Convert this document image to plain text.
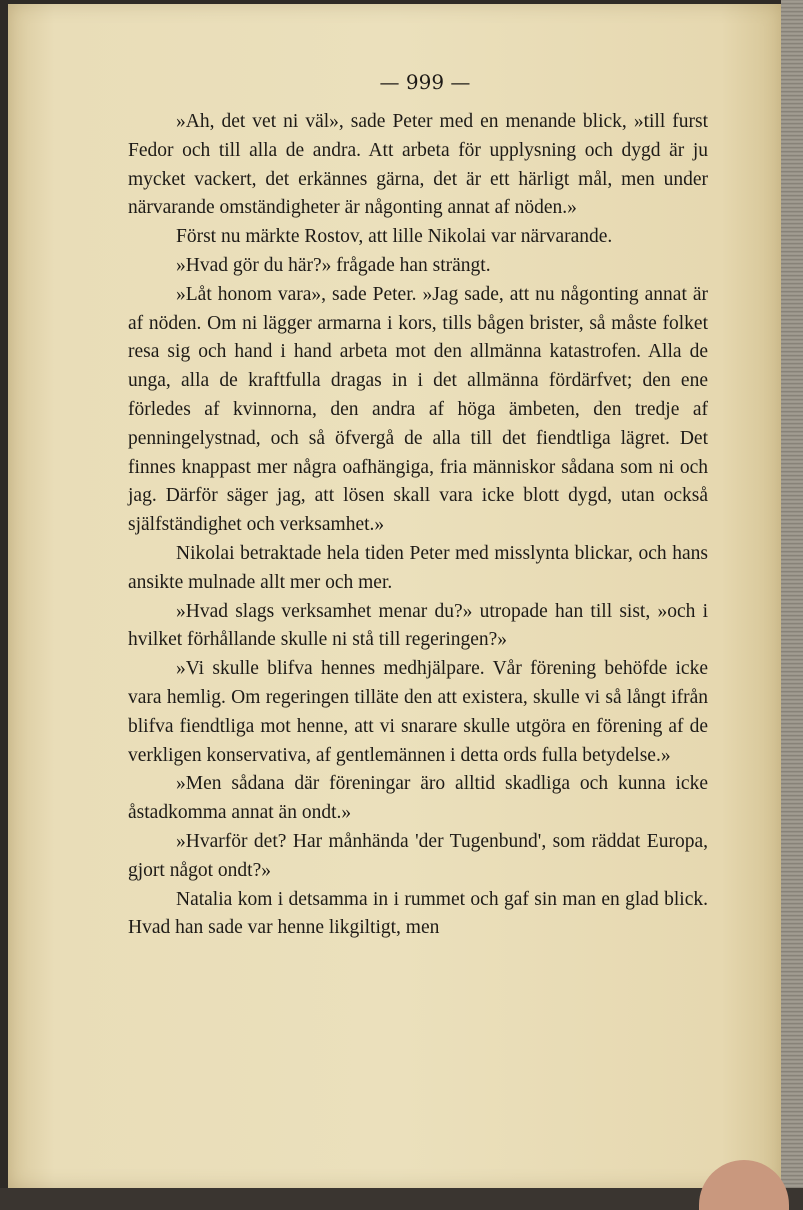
— 999 —

»Ah, det vet ni väl», sade Peter med en menande blick, »till furst Fedor och till alla de andra. Att arbeta för upplysning och dygd är ju mycket vackert, det erkännes gärna, det är ett härligt mål, men under närvarande omständigheter är någonting annat af nöden.»

Först nu märkte Rostov, att lille Nikolai var närvarande.

»Hvad gör du här?» frågade han strängt.

»Låt honom vara», sade Peter. »Jag sade, att nu någonting annat är af nöden. Om ni lägger armarna i kors, tills bågen brister, så måste folket resa sig och hand i hand arbeta mot den allmänna katastrofen. Alla de unga, alla de kraftfulla dragas in i det allmänna fördärfvet; den ene förledes af kvinnorna, den andra af höga ämbeten, den tredje af penningelystnad, och så öfvergå de alla till det fiendtliga lägret. Det finnes knappast mer några oafhängiga, fria människor sådana som ni och jag. Därför säger jag, att lösen skall vara icke blott dygd, utan också själfständighet och verksamhet.»

Nikolai betraktade hela tiden Peter med misslynta blickar, och hans ansikte mulnade allt mer och mer.

»Hvad slags verksamhet menar du?» utropade han till sist, »och i hvilket förhållande skulle ni stå till regeringen?»

»Vi skulle blifva hennes medhjälpare. Vår förening behöfde icke vara hemlig. Om regeringen tilläte den att existera, skulle vi så långt ifrån blifva fiendtliga mot henne, att vi snarare skulle utgöra en förening af de verkligen konservativa, af gentlemännen i detta ords fulla betydelse.»

»Men sådana där föreningar äro alltid skadliga och kunna icke åstadkomma annat än ondt.»

»Hvarför det? Har månhända 'der Tugenbund', som räddat Europa, gjort något ondt?»

Natalia kom i detsamma in i rummet och gaf sin man en glad blick. Hvad han sade var henne likgiltigt, men
